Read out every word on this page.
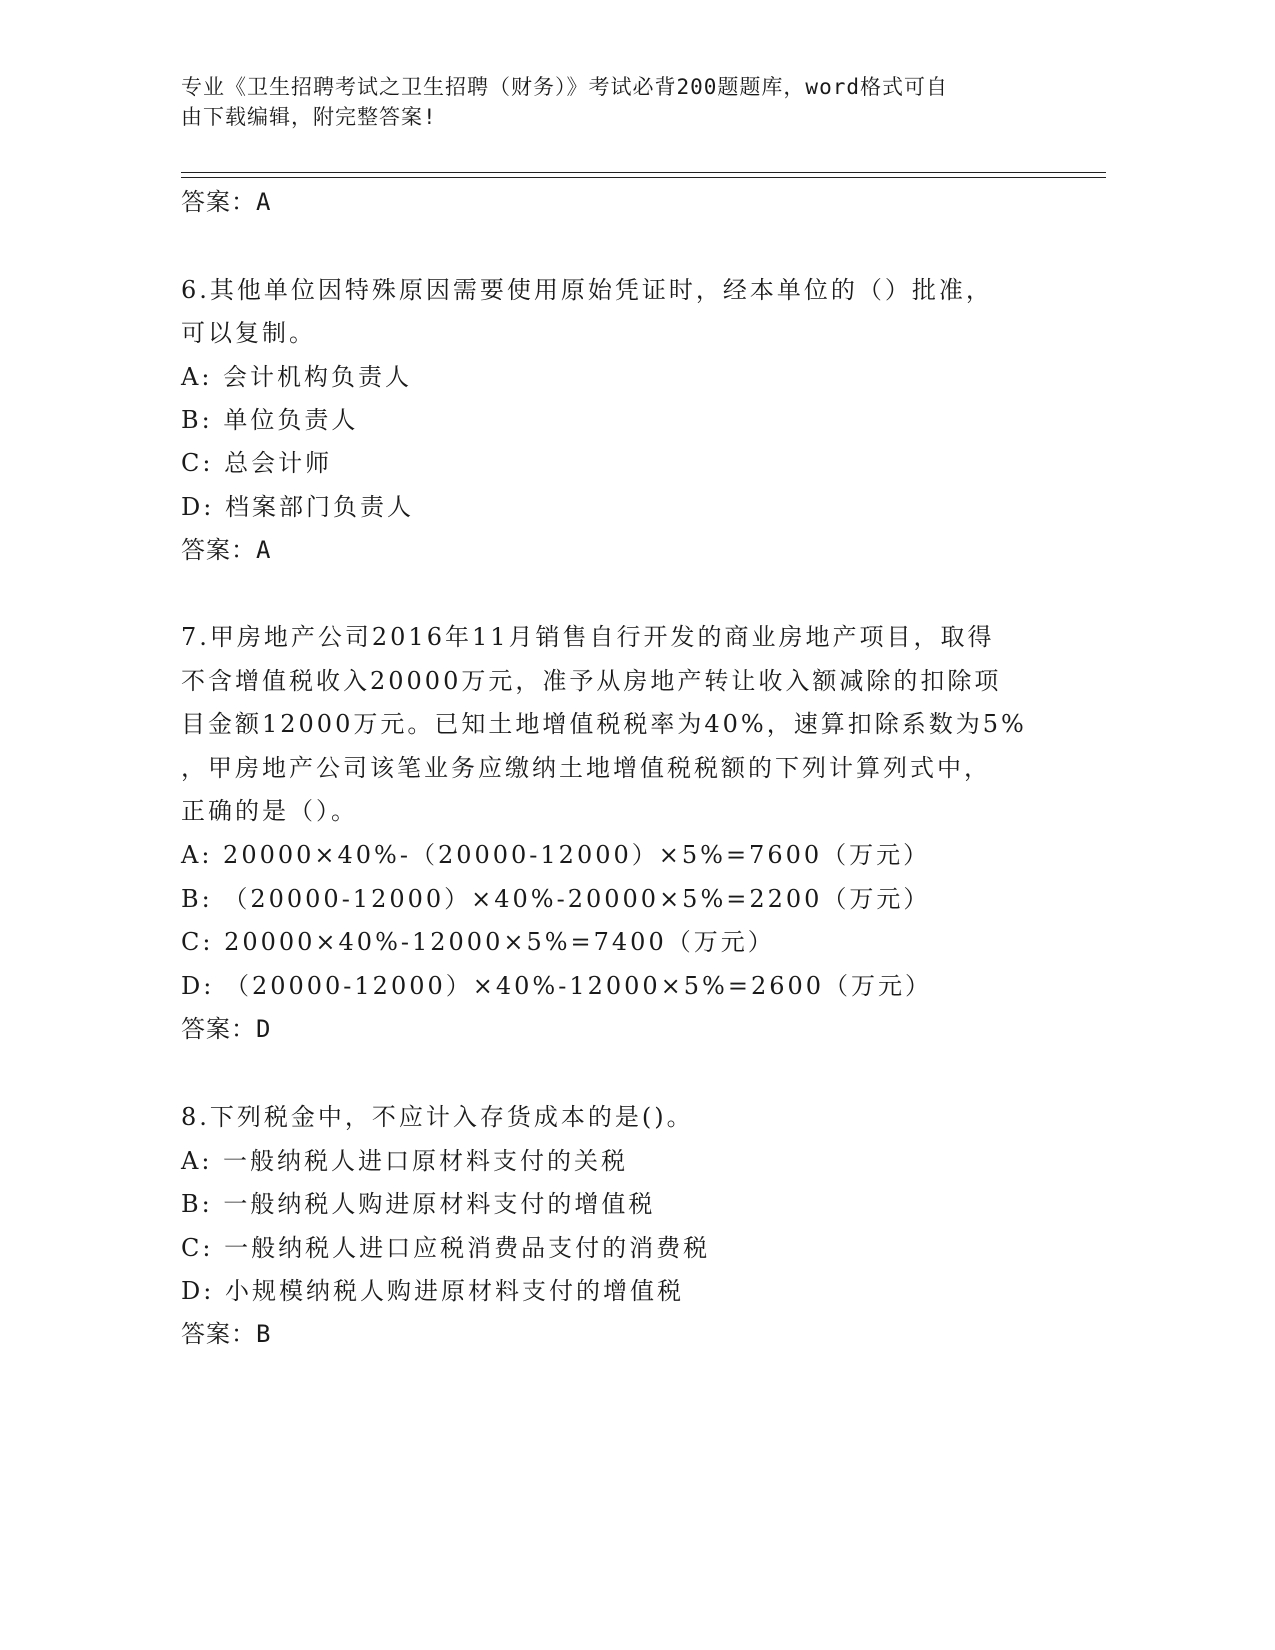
专业《卫生招聘考试之卫生招聘（财务）》考试必背200题题库，word格式可自
由下载编辑，附完整答案!
答案：A
6.其他单位因特殊原因需要使用原始凭证时，经本单位的（）批准，
可以复制。
A: 会计机构负责人
B: 单位负责人
C: 总会计师
D: 档案部门负责人
答案：A
7.甲房地产公司2016年11月销售自行开发的商业房地产项目，取得
不含增值税收入20000万元，准予从房地产转让收入额减除的扣除项
目金额12000万元。已知土地增值税税率为40%，速算扣除系数为5%
，甲房地产公司该笔业务应缴纳土地增值税税额的下列计算列式中，
正确的是（）。
A: 20000×40%-（20000-12000）×5%=7600（万元）
B: （20000-12000）×40%-20000×5%=2200（万元）
C: 20000×40%-12000×5%=7400（万元）
D: （20000-12000）×40%-12000×5%=2600（万元）
答案：D
8.下列税金中，不应计入存货成本的是()。
A: 一般纳税人进口原材料支付的关税
B: 一般纳税人购进原材料支付的增值税
C: 一般纳税人进口应税消费品支付的消费税
D: 小规模纳税人购进原材料支付的增值税
答案：B
